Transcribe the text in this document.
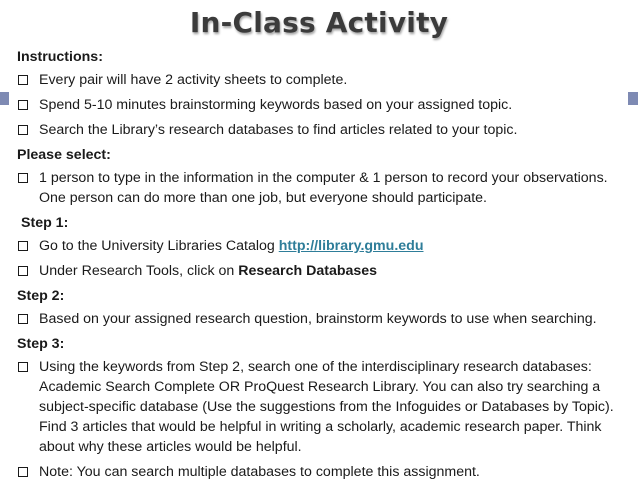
In-Class Activity
Instructions:
Every pair will have 2 activity sheets to complete.
Spend 5-10 minutes brainstorming keywords based on your assigned topic.
Search the Library’s research databases to find articles related to your topic.
Please select:
1 person to type in the information in the computer & 1 person to record your observations. One person can do more than one job, but everyone should participate.
Step 1:
Go to the University Libraries Catalog http://library.gmu.edu
Under Research Tools, click on Research Databases
Step 2:
Based on your assigned research question, brainstorm keywords to use when searching.
Step 3:
Using the keywords from Step 2, search one of the interdisciplinary research databases: Academic Search Complete OR ProQuest Research Library. You can also try searching a subject-specific database (Use the suggestions from the Infoguides or Databases by Topic). Find 3 articles that would be helpful in writing a scholarly, academic research paper. Think about why these articles would be helpful.
Note: You can search multiple databases to complete this assignment.
